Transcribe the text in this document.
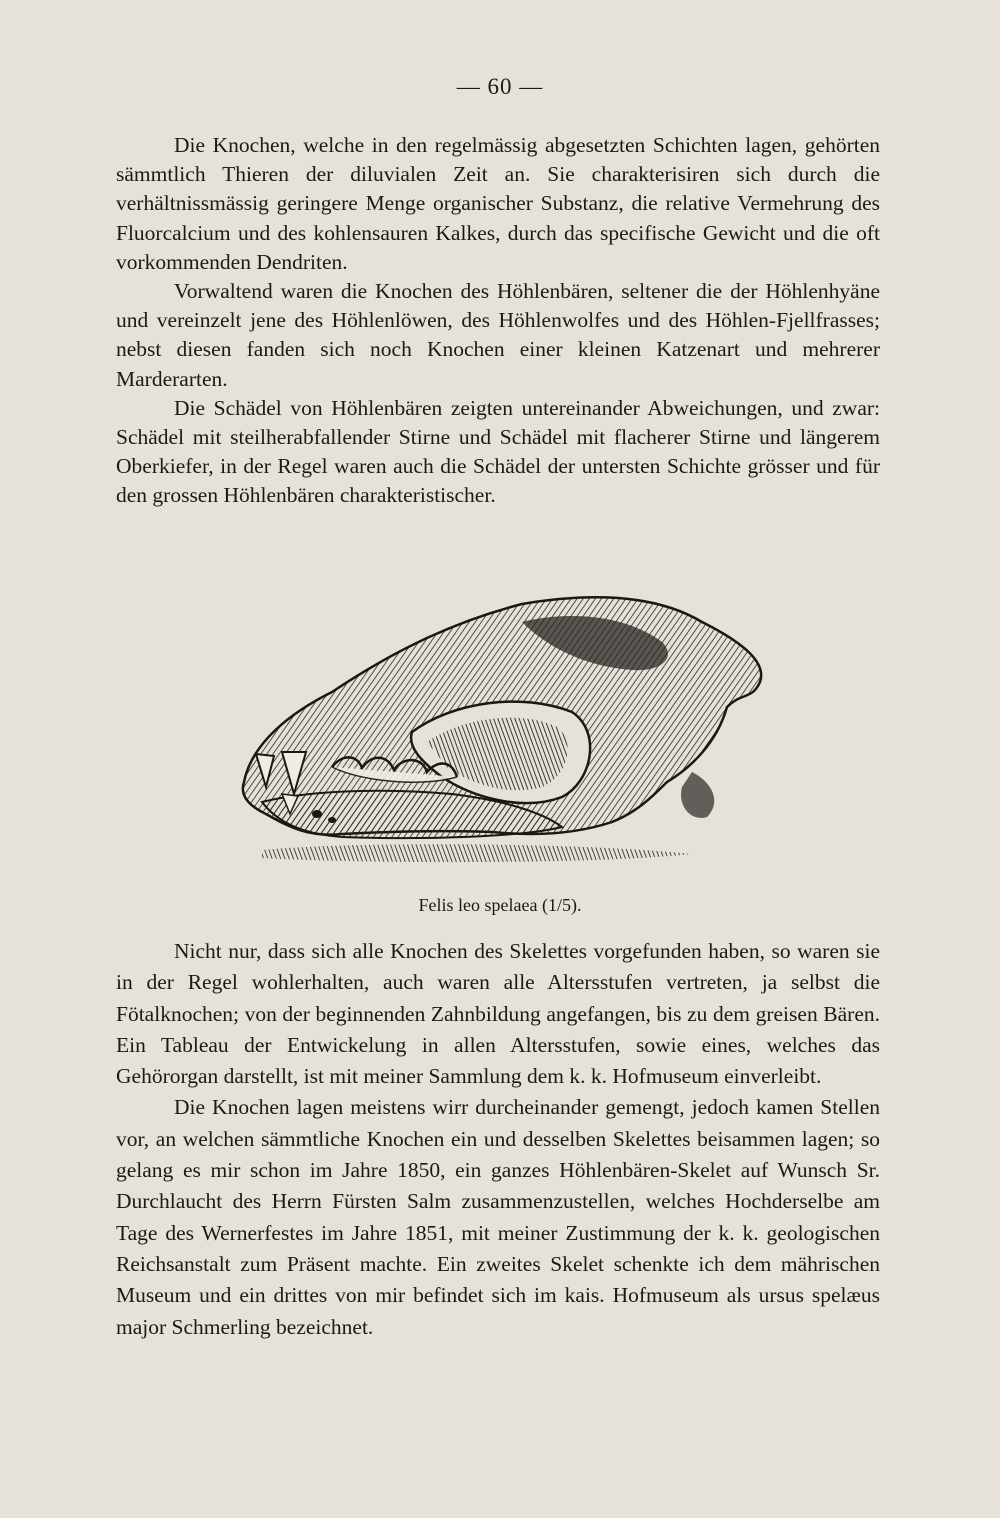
— 60 —

Die Knochen, welche in den regelmässig abgesetzten Schichten lagen, gehörten sämmtlich Thieren der diluvialen Zeit an. Sie charakterisiren sich durch die verhältnissmässig geringere Menge organischer Substanz, die relative Vermehrung des Fluorcalcium und des kohlensauren Kalkes, durch das specifische Gewicht und die oft vorkommenden Dendriten.

Vorwaltend waren die Knochen des Höhlenbären, seltener die der Höhlenhyäne und vereinzelt jene des Höhlenlöwen, des Höhlenwolfes und des Höhlen-Fjellfrasses; nebst diesen fanden sich noch Knochen einer kleinen Katzenart und mehrerer Marderarten.

Die Schädel von Höhlenbären zeigten untereinander Abweichungen, und zwar: Schädel mit steilherabfallender Stirne und Schädel mit flacherer Stirne und längerem Oberkiefer, in der Regel waren auch die Schädel der untersten Schichte grösser und für den grossen Höhlenbären charakteristischer.

Felis leo spelaea (1/5).

Nicht nur, dass sich alle Knochen des Skelettes vorgefunden haben, so waren sie in der Regel wohlerhalten, auch waren alle Altersstufen vertreten, ja selbst die Fötalknochen; von der beginnenden Zahnbildung angefangen, bis zu dem greisen Bären. Ein Tableau der Entwickelung in allen Altersstufen, sowie eines, welches das Gehörorgan darstellt, ist mit meiner Sammlung dem k. k. Hofmuseum einverleibt.

Die Knochen lagen meistens wirr durcheinander gemengt, jedoch kamen Stellen vor, an welchen sämmtliche Knochen ein und desselben Skelettes beisammen lagen; so gelang es mir schon im Jahre 1850, ein ganzes Höhlenbären-Skelet auf Wunsch Sr. Durchlaucht des Herrn Fürsten Salm zusammenzustellen, welches Hochderselbe am Tage des Wernerfestes im Jahre 1851, mit meiner Zustimmung der k. k. geologischen Reichsanstalt zum Präsent machte. Ein zweites Skelet schenkte ich dem mährischen Museum und ein drittes von mir befindet sich im kais. Hofmuseum als ursus spelæus major Schmerling bezeichnet.
